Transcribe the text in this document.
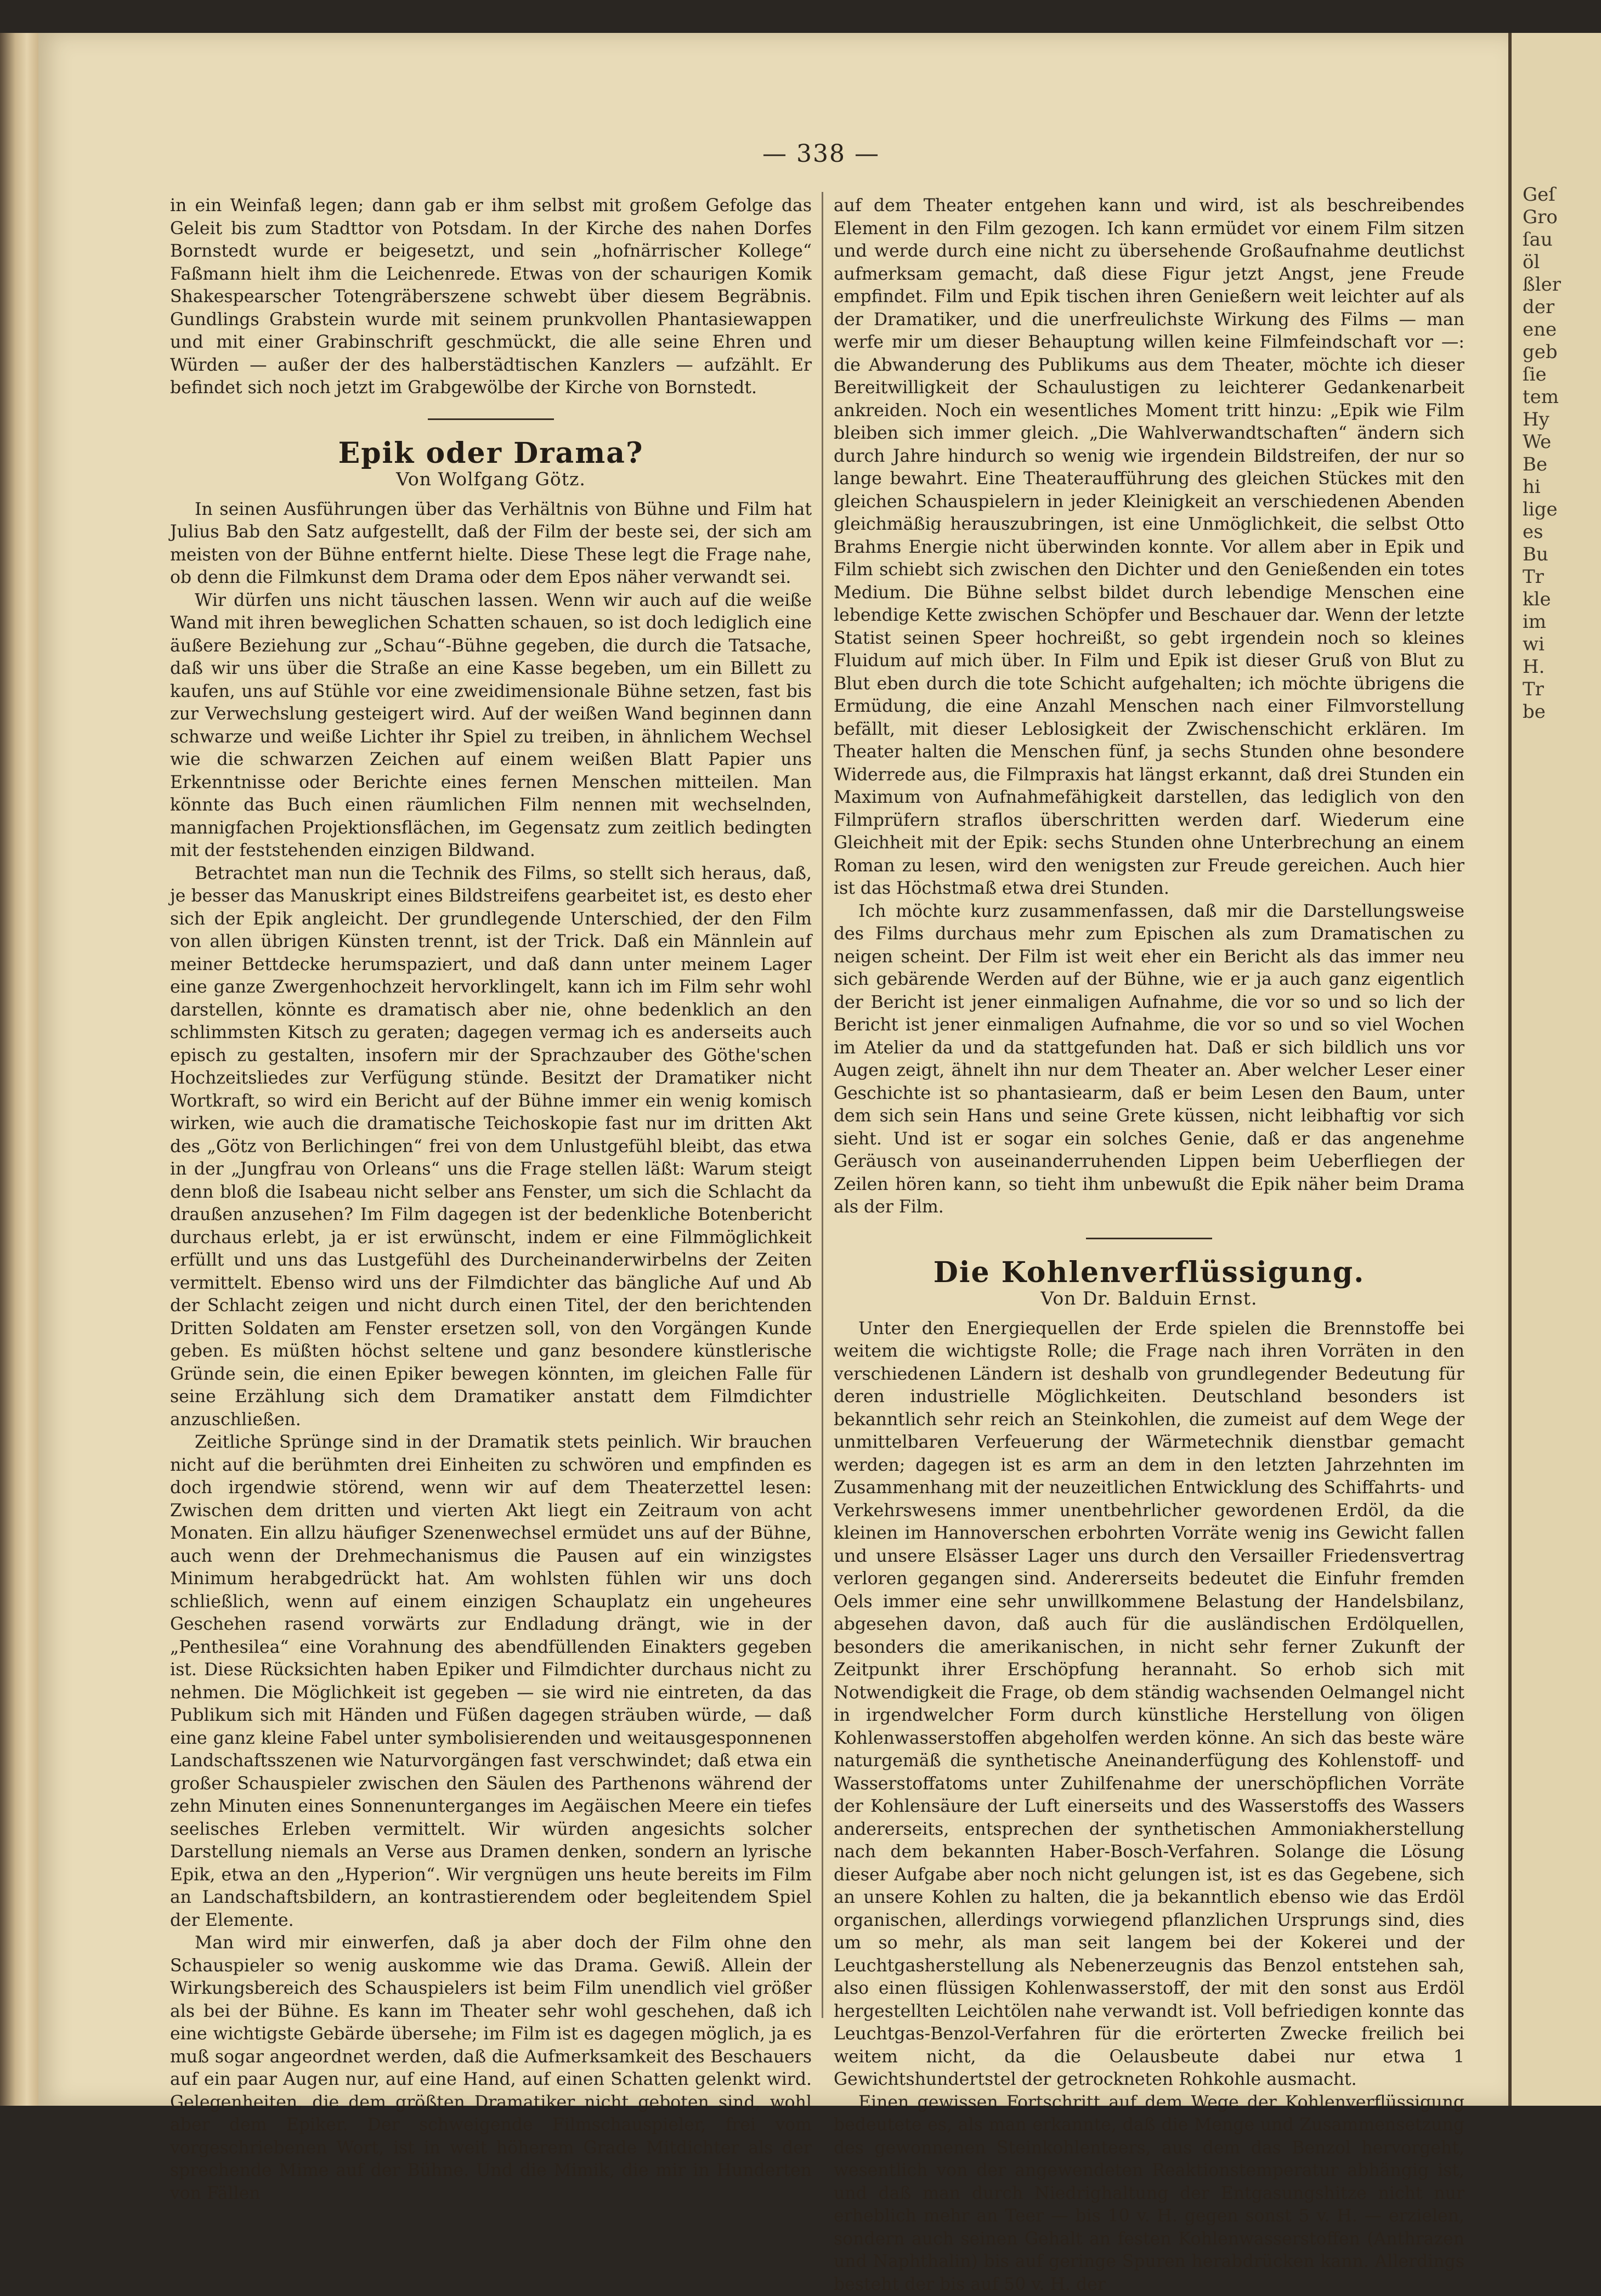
Geſ
Gro
ſau
öl
ßler
der
ene
geb
ſie
tem
Hy
We
Be
hi
lige
es
Bu
Tr
kle
im
wi
H.
Tr
be
— 338 —

in ein Weinfaß legen; dann gab er ihm selbst mit großem Gefolge das Geleit bis zum Stadttor von Potsdam. In der Kirche des nahen Dorfes Bornstedt wurde er beigesetzt, und sein „hofnärrischer Kollege“ Faßmann hielt ihm die Leichenrede. Etwas von der schaurigen Komik Shakespearscher Totengräberszene schwebt über diesem Begräbnis. Gundlings Grabstein wurde mit seinem prunkvollen Phantasiewappen und mit einer Grabinschrift geschmückt, die alle seine Ehren und Würden — außer der des halberstädtischen Kanzlers — aufzählt. Er befindet sich noch jetzt im Grabgewölbe der Kirche von Bornstedt.

Epik oder Drama?
Von Wolfgang Götz.

In seinen Ausführungen über das Verhältnis von Bühne und Film hat Julius Bab den Satz aufgestellt, daß der Film der beste sei, der sich am meisten von der Bühne entfernt hielte. Diese These legt die Frage nahe, ob denn die Filmkunst dem Drama oder dem Epos näher verwandt sei.

Wir dürfen uns nicht täuschen lassen. Wenn wir auch auf die weiße Wand mit ihren beweglichen Schatten schauen, so ist doch lediglich eine äußere Beziehung zur „Schau“-Bühne gegeben, die durch die Tatsache, daß wir uns über die Straße an eine Kasse begeben, um ein Billett zu kaufen, uns auf Stühle vor eine zweidimensionale Bühne setzen, fast bis zur Verwechslung gesteigert wird. Auf der weißen Wand beginnen dann schwarze und weiße Lichter ihr Spiel zu treiben, in ähnlichem Wechsel wie die schwarzen Zeichen auf einem weißen Blatt Papier uns Erkenntnisse oder Berichte eines fernen Menschen mitteilen. Man könnte das Buch einen räumlichen Film nennen mit wechselnden, mannigfachen Projektionsflächen, im Gegensatz zum zeitlich bedingten mit der feststehenden einzigen Bildwand.

Betrachtet man nun die Technik des Films, so stellt sich heraus, daß, je besser das Manuskript eines Bildstreifens gearbeitet ist, es desto eher sich der Epik angleicht. Der grundlegende Unterschied, der den Film von allen übrigen Künsten trennt, ist der Trick. Daß ein Männlein auf meiner Bettdecke herumspaziert, und daß dann unter meinem Lager eine ganze Zwergenhochzeit hervorklingelt, kann ich im Film sehr wohl darstellen, könnte es dramatisch aber nie, ohne bedenklich an den schlimmsten Kitsch zu geraten; dagegen vermag ich es anderseits auch episch zu gestalten, insofern mir der Sprachzauber des Göthe'schen Hochzeitsliedes zur Verfügung stünde. Besitzt der Dramatiker nicht Wortkraft, so wird ein Bericht auf der Bühne immer ein wenig komisch wirken, wie auch die dramatische Teichoskopie fast nur im dritten Akt des „Götz von Berlichingen“ frei von dem Unlustgefühl bleibt, das etwa in der „Jungfrau von Orleans“ uns die Frage stellen läßt: Warum steigt denn bloß die Isabeau nicht selber ans Fenster, um sich die Schlacht da draußen anzusehen? Im Film dagegen ist der bedenkliche Botenbericht durchaus erlebt, ja er ist erwünscht, indem er eine Filmmöglichkeit erfüllt und uns das Lustgefühl des Durcheinanderwirbelns der Zeiten vermittelt. Ebenso wird uns der Filmdichter das bängliche Auf und Ab der Schlacht zeigen und nicht durch einen Titel, der den berichtenden Dritten Soldaten am Fenster ersetzen soll, von den Vorgängen Kunde geben. Es müßten höchst seltene und ganz besondere künstlerische Gründe sein, die einen Epiker bewegen könnten, im gleichen Falle für seine Erzählung sich dem Dramatiker anstatt dem Filmdichter anzuschließen.

Zeitliche Sprünge sind in der Dramatik stets peinlich. Wir brauchen nicht auf die berühmten drei Einheiten zu schwören und empfinden es doch irgendwie störend, wenn wir auf dem Theaterzettel lesen: Zwischen dem dritten und vierten Akt liegt ein Zeitraum von acht Monaten. Ein allzu häufiger Szenenwechsel ermüdet uns auf der Bühne, auch wenn der Drehmechanismus die Pausen auf ein winzigstes Minimum herabgedrückt hat. Am wohlsten fühlen wir uns doch schließlich, wenn auf einem einzigen Schauplatz ein ungeheures Geschehen rasend vorwärts zur Endladung drängt, wie in der „Penthesilea“ eine Vorahnung des abendfüllenden Einakters gegeben ist. Diese Rücksichten haben Epiker und Filmdichter durchaus nicht zu nehmen. Die Möglichkeit ist gegeben — sie wird nie eintreten, da das Publikum sich mit Händen und Füßen dagegen sträuben würde, — daß eine ganz kleine Fabel unter symbolisierenden und weitausgesponnenen Landschaftsszenen wie Naturvorgängen fast verschwindet; daß etwa ein großer Schauspieler zwischen den Säulen des Parthenons während der zehn Minuten eines Sonnenunterganges im Aegäischen Meere ein tiefes seelisches Erleben vermittelt. Wir würden angesichts solcher Darstellung niemals an Verse aus Dramen denken, sondern an lyrische Epik, etwa an den „Hyperion“. Wir vergnügen uns heute bereits im Film an Landschaftsbildern, an kontrastierendem oder begleitendem Spiel der Elemente.

Man wird mir einwerfen, daß ja aber doch der Film ohne den Schauspieler so wenig auskomme wie das Drama. Gewiß. Allein der Wirkungsbereich des Schauspielers ist beim Film unendlich viel größer als bei der Bühne. Es kann im Theater sehr wohl geschehen, daß ich eine wichtigste Gebärde übersehe; im Film ist es dagegen möglich, ja es muß sogar angeordnet werden, daß die Aufmerksamkeit des Beschauers auf ein paar Augen nur, auf eine Hand, auf einen Schatten gelenkt wird. Gelegenheiten, die dem größten Dramatiker nicht geboten sind, wohl aber dem Epiker. Der schweigende Filmschauspieler, frei vom vorgeschriebenen Wort, ist in weit höherem Grade Mitdichter als der sprechende Mime auf der Bühne. Und die Mimik, die mir in Hunderten von Fällen

auf dem Theater entgehen kann und wird, ist als beschreibendes Element in den Film gezogen. Ich kann ermüdet vor einem Film sitzen und werde durch eine nicht zu übersehende Großaufnahme deutlichst aufmerksam gemacht, daß diese Figur jetzt Angst, jene Freude empfindet. Film und Epik tischen ihren Genießern weit leichter auf als der Dramatiker, und die unerfreulichste Wirkung des Films — man werfe mir um dieser Behauptung willen keine Filmfeindschaft vor —: die Abwanderung des Publikums aus dem Theater, möchte ich dieser Bereitwilligkeit der Schaulustigen zu leichterer Gedankenarbeit ankreiden. Noch ein wesentliches Moment tritt hinzu: „Epik wie Film bleiben sich immer gleich. „Die Wahlverwandtschaften“ ändern sich durch Jahre hindurch so wenig wie irgendein Bildstreifen, der nur so lange bewahrt. Eine Theateraufführung des gleichen Stückes mit den gleichen Schauspielern in jeder Kleinigkeit an verschiedenen Abenden gleichmäßig herauszubringen, ist eine Unmöglichkeit, die selbst Otto Brahms Energie nicht überwinden konnte. Vor allem aber in Epik und Film schiebt sich zwischen den Dichter und den Genießenden ein totes Medium. Die Bühne selbst bildet durch lebendige Menschen eine lebendige Kette zwischen Schöpfer und Beschauer dar. Wenn der letzte Statist seinen Speer hochreißt, so gebt irgendein noch so kleines Fluidum auf mich über. In Film und Epik ist dieser Gruß von Blut zu Blut eben durch die tote Schicht aufgehalten; ich möchte übrigens die Ermüdung, die eine Anzahl Menschen nach einer Filmvorstellung befällt, mit dieser Leblosigkeit der Zwischenschicht erklären. Im Theater halten die Menschen fünf, ja sechs Stunden ohne besondere Widerrede aus, die Filmpraxis hat längst erkannt, daß drei Stunden ein Maximum von Aufnahmefähigkeit darstellen, das lediglich von den Filmprüfern straflos überschritten werden darf. Wiederum eine Gleichheit mit der Epik: sechs Stunden ohne Unterbrechung an einem Roman zu lesen, wird den wenigsten zur Freude gereichen. Auch hier ist das Höchstmaß etwa drei Stunden.

Ich möchte kurz zusammenfassen, daß mir die Darstellungsweise des Films durchaus mehr zum Epischen als zum Dramatischen zu neigen scheint. Der Film ist weit eher ein Bericht als das immer neu sich gebärende Werden auf der Bühne, wie er ja auch ganz eigentlich der Bericht ist jener einmaligen Aufnahme, die vor so und so lich der Bericht ist jener einmaligen Aufnahme, die vor so und so viel Wochen im Atelier da und da stattgefunden hat. Daß er sich bildlich uns vor Augen zeigt, ähnelt ihn nur dem Theater an. Aber welcher Leser einer Geschichte ist so phantasiearm, daß er beim Lesen den Baum, unter dem sich sein Hans und seine Grete küssen, nicht leibhaftig vor sich sieht. Und ist er sogar ein solches Genie, daß er das angenehme Geräusch von auseinanderruhenden Lippen beim Ueberfliegen der Zeilen hören kann, so tieht ihm unbewußt die Epik näher beim Drama als der Film.

Die Kohlenverflüssigung.
Von Dr. Balduin Ernst.

Unter den Energiequellen der Erde spielen die Brennstoffe bei weitem die wichtigste Rolle; die Frage nach ihren Vorräten in den verschiedenen Ländern ist deshalb von grundlegender Bedeutung für deren industrielle Möglichkeiten. Deutschland besonders ist bekanntlich sehr reich an Steinkohlen, die zumeist auf dem Wege der unmittelbaren Verfeuerung der Wärmetechnik dienstbar gemacht werden; dagegen ist es arm an dem in den letzten Jahrzehnten im Zusammenhang mit der neuzeitlichen Entwicklung des Schiffahrts- und Verkehrswesens immer unentbehrlicher gewordenen Erdöl, da die kleinen im Hannoverschen erbohrten Vorräte wenig ins Gewicht fallen und unsere Elsässer Lager uns durch den Versailler Friedensvertrag verloren gegangen sind. Andererseits bedeutet die Einfuhr fremden Oels immer eine sehr unwillkommene Belastung der Handelsbilanz, abgesehen davon, daß auch für die ausländischen Erdölquellen, besonders die amerikanischen, in nicht sehr ferner Zukunft der Zeitpunkt ihrer Erschöpfung herannaht. So erhob sich mit Notwendigkeit die Frage, ob dem ständig wachsenden Oelmangel nicht in irgendwelcher Form durch künstliche Herstellung von öligen Kohlenwasserstoffen abgeholfen werden könne. An sich das beste wäre naturgemäß die synthetische Aneinanderfügung des Kohlenstoff- und Wasserstoffatoms unter Zuhilfenahme der unerschöpflichen Vorräte der Kohlensäure der Luft einerseits und des Wasserstoffs des Wassers andererseits, entsprechen der synthetischen Ammoniakherstellung nach dem bekannten Haber-Bosch-Verfahren. Solange die Lösung dieser Aufgabe aber noch nicht gelungen ist, ist es das Gegebene, sich an unsere Kohlen zu halten, die ja bekanntlich ebenso wie das Erdöl organischen, allerdings vorwiegend pflanzlichen Ursprungs sind, dies um so mehr, als man seit langem bei der Kokerei und der Leuchtgasherstellung als Nebenerzeugnis das Benzol entstehen sah, also einen flüssigen Kohlenwasserstoff, der mit den sonst aus Erdöl hergestellten Leichtölen nahe verwandt ist. Voll befriedigen konnte das Leuchtgas-Benzol-Verfahren für die erörterten Zwecke freilich bei weitem nicht, da die Oelausbeute dabei nur etwa 1 Gewichtshundertstel der getrockneten Rohkohle ausmacht.

Einen gewissen Fortschritt auf dem Wege der Kohlenverflüssigung bedeutete es, als man erkannte, daß die Menge und Zusammensetzung des gewonnenen Steinkohlenteers, aus dem das Benzol hervorgeht, wesentlich von der angewendeten Reaktionstemperatur abhängig ist, und daß man durch Niedrighaltung der Entgasungshitze nicht nur erheblich mehr an Teer — bis 10 v. H. gegen sonst 5 v. H. — erzielen, sondern auch seinen Gehalt an festen Kohlenwasserstoffen (Anthrazen und Naphthalin) bis auf geringe Spuren herabdrücken kann. Allerdings besteht der bis auf 50 v. H. der
